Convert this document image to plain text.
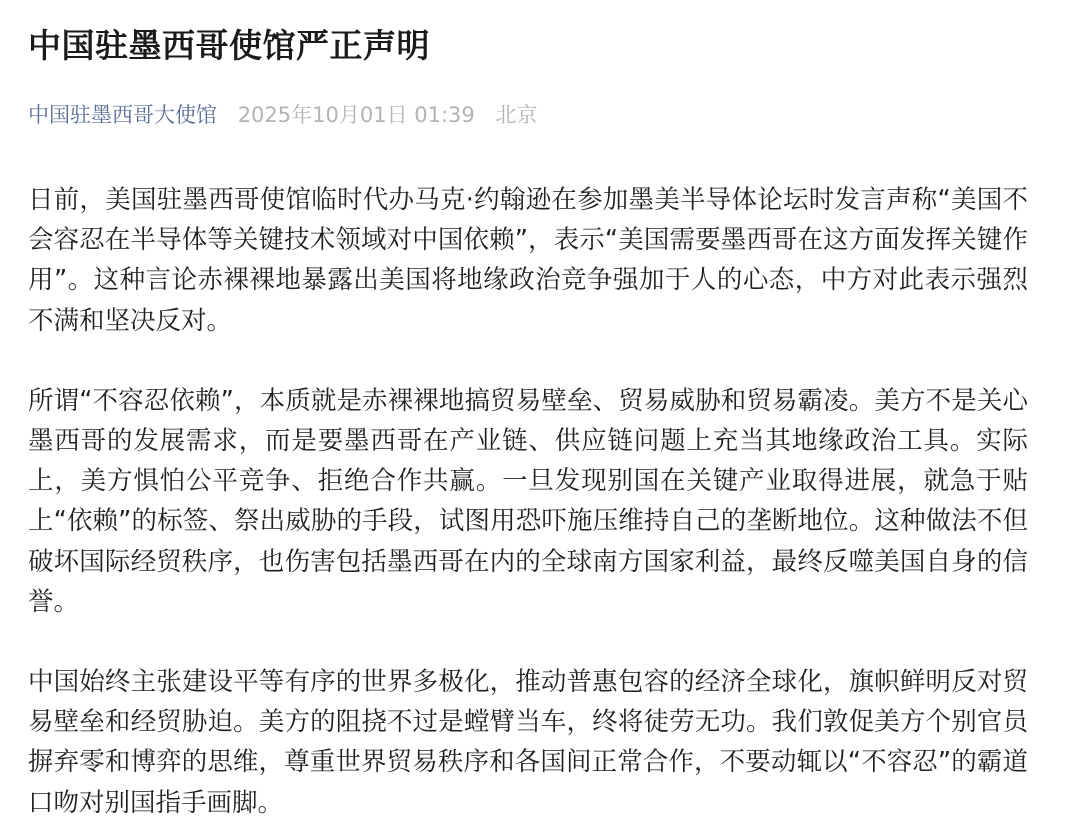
中国驻墨西哥使馆严正声明
中国驻墨西哥大使馆 2025年10月01日 01:39 北京

日前，美国驻墨西哥使馆临时代办马克·约翰逊在参加墨美半导体论坛时发言声称“美国不会容忍在半导体等关键技术领域对中国依赖”，表示“美国需要墨西哥在这方面发挥关键作用”。这种言论赤裸裸地暴露出美国将地缘政治竞争强加于人的心态，中方对此表示强烈不满和坚决反对。

所谓“不容忍依赖”，本质就是赤裸裸地搞贸易壁垒、贸易威胁和贸易霸凌。美方不是关心墨西哥的发展需求，而是要墨西哥在产业链、供应链问题上充当其地缘政治工具。实际上，美方惧怕公平竞争、拒绝合作共赢。一旦发现别国在关键产业取得进展，就急于贴上“依赖”的标签、祭出威胁的手段，试图用恐吓施压维持自己的垄断地位。这种做法不但破坏国际经贸秩序，也伤害包括墨西哥在内的全球南方国家利益，最终反噬美国自身的信誉。

中国始终主张建设平等有序的世界多极化，推动普惠包容的经济全球化，旗帜鲜明反对贸易壁垒和经贸胁迫。美方的阻挠不过是螳臂当车，终将徒劳无功。我们敦促美方个别官员摒弃零和博弈的思维，尊重世界贸易秩序和各国间正常合作，不要动辄以“不容忍”的霸道口吻对别国指手画脚。
